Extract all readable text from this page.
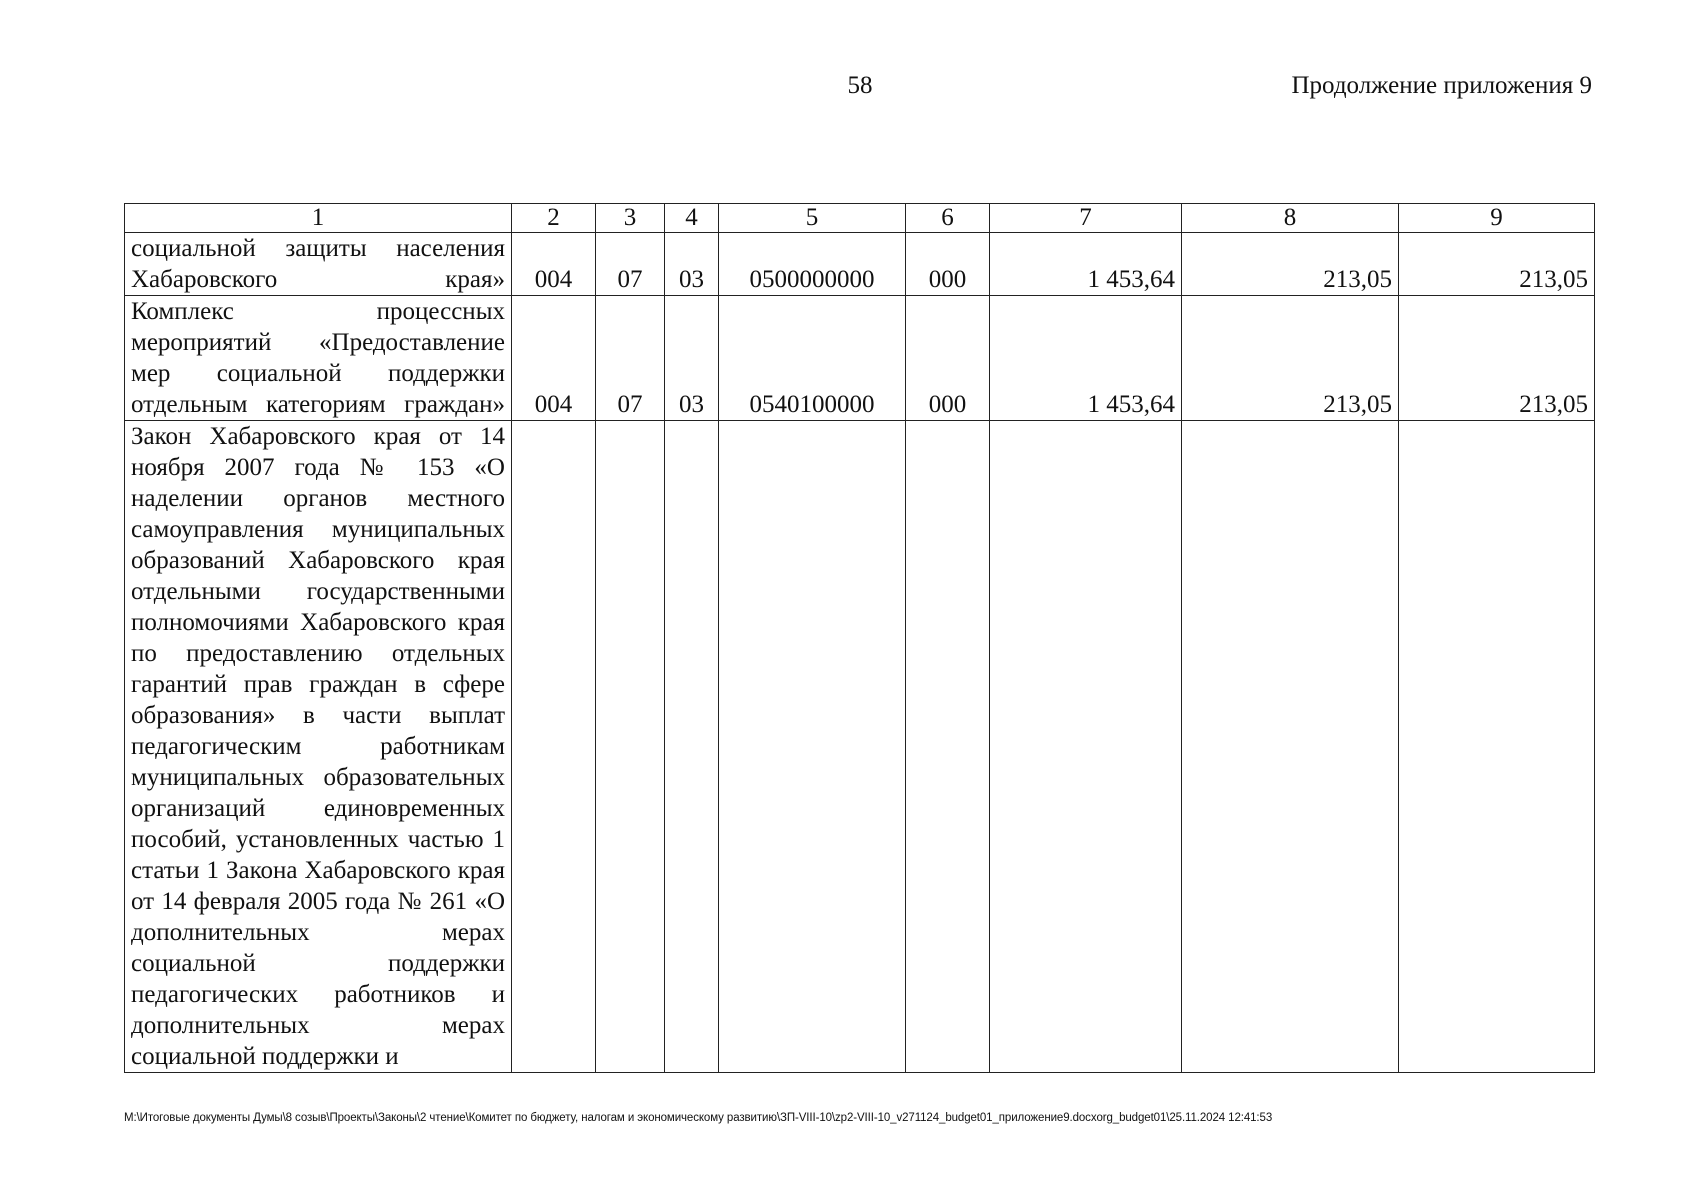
58	Продолжение приложения 9
1	2	3	4	5	6	7	8	9
социальной защиты населения Хабаровского края»	004	07	03	0500000000	000	1 453,64	213,05	213,05
Комплекс процессных мероприятий «Предоставление мер социальной поддержки отдельным категориям граждан»	004	07	03	0540100000	000	1 453,64	213,05	213,05
Закон Хабаровского края от 14 ноября 2007 года № 153 «О наделении органов местного самоуправления муниципальных образований Хабаровского края отдельными государственными полномочиями Хабаровского края по предоставлению отдельных гарантий прав граждан в сфере образования» в части выплат педагогическим работникам муниципальных образовательных организаций единовременных пособий, установленных частью 1 статьи 1 Закона Хабаровского края от 14 февраля 2005 года № 261 «О дополнительных мерах социальной поддержки педагогических работников и дополнительных мерах социальной поддержки и								
M:\Итоговые документы Думы\8 созыв\Проекты\Законы\2 чтение\Комитет по бюджету, налогам и экономическому развитию\ЗП-VIII-10\zp2-VIII-10_v271124_budget01_приложение9.docxorg_budget01\25.11.2024 12:41:53
